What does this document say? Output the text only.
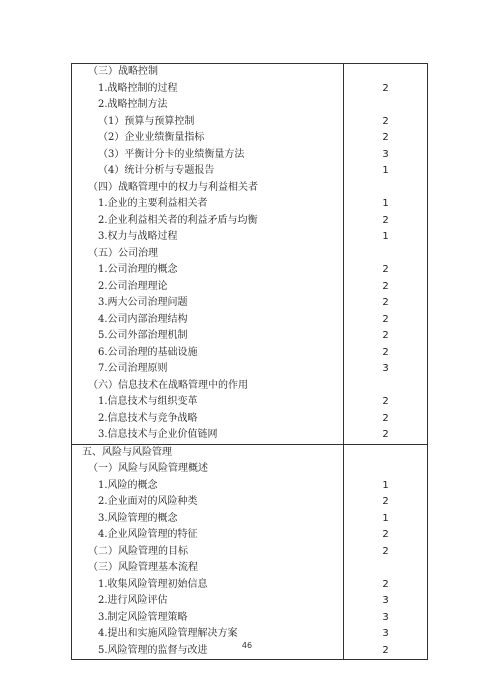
（三）战略控制	
1.战略控制的过程	2
2.战略控制方法	
（1）预算与预算控制	2
（2）企业业绩衡量指标	2
（3）平衡计分卡的业绩衡量方法	3
（4）统计分析与专题报告	1
（四）战略管理中的权力与利益相关者	
1.企业的主要利益相关者	1
2.企业利益相关者的利益矛盾与均衡	2
3.权力与战略过程	1
（五）公司治理	
1.公司治理的概念	2
2.公司治理理论	2
3.两大公司治理问题	2
4.公司内部治理结构	2
5.公司外部治理机制	2
6.公司治理的基础设施	2
7.公司治理原则	3
（六）信息技术在战略管理中的作用	
1.信息技术与组织变革	2
2.信息技术与竞争战略	2
3.信息技术与企业价值链网	2
五、风险与风险管理	
（一）风险与风险管理概述	
1.风险的概念	1
2.企业面对的风险种类	2
3.风险管理的概念	1
4.企业风险管理的特征	2
（二）风险管理的目标	2
（三）风险管理基本流程	
1.收集风险管理初始信息	2
2.进行风险评估	3
3.制定风险管理策略	3
4.提出和实施风险管理解决方案	3
5.风险管理的监督与改进	2
46
